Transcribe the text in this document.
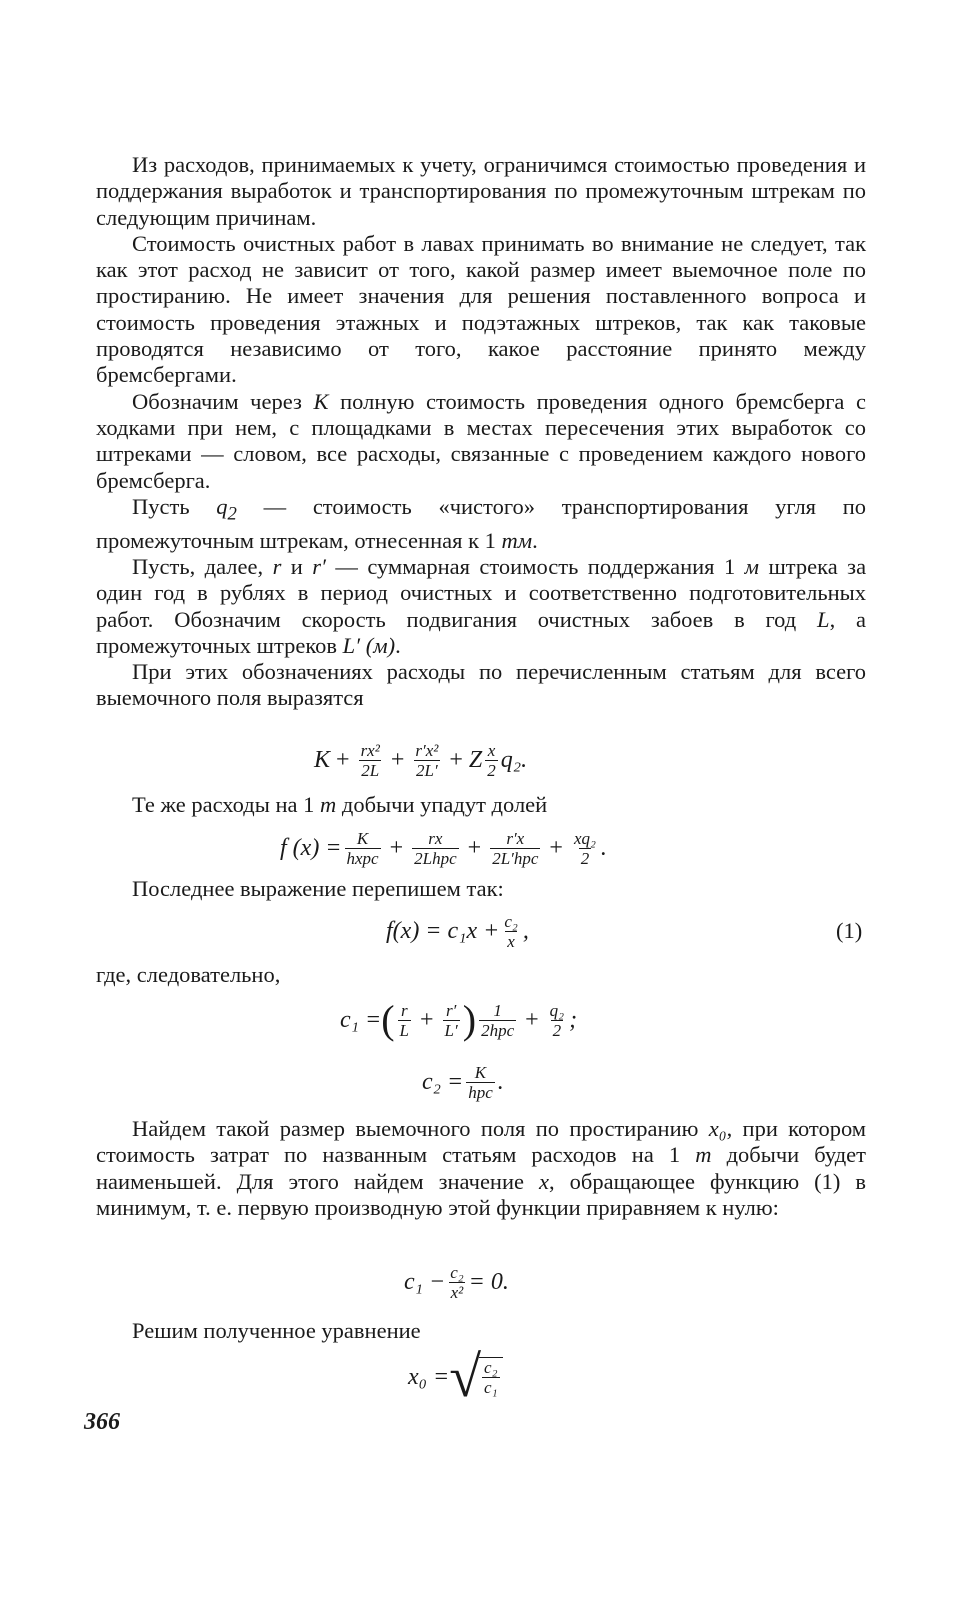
Из расходов, принимаемых к учету, ограничимся стоимостью проведения и поддержания выработок и транспортирования по промежуточным штрекам по следующим причинам.

Стоимость очистных работ в лавах принимать во внимание не следует, так как этот расход не зависит от того, какой размер имеет выемочное поле по простиранию. Не имеет значения для решения поставленного вопроса и стоимость проведения этажных и подэтажных штреков, так как таковые проводятся независимо от того, какое расстояние принято между бремсбергами.

Обозначим через K полную стоимость проведения одного бремсберга с ходками при нем, с площадками в местах пересечения этих выработок со штреками — словом, все расходы, связанные с проведением каждого нового бремсберга.

Пусть $q_2$ — стоимость «чистого» транспортирования угля по промежуточным штрекам, отнесенная к 1 тм.

Пусть, далее, r и r′ — суммарная стоимость поддержания 1 м штрека за один год в рублях в период очистных и соответственно подготовительных работ. Обозначим скорость подвигания очистных забоев в год L, а промежуточных штреков L′ (м).

При этих обозначениях расходы по перечисленным статьям для всего выемочного поля выразятся

$K + \frac{\text{rx²}}{2L} + \frac{\text{r′x²}}{2L'} + Z \frac{x}{2} q_2$.

Те же расходы на 1 т добычи упадут долей

f $(x) = \frac{K}{\text{hxpc}} + \frac{rx}{\text{2Lhpc}} + \frac{r'x}{\text{2L′hpc}} + \frac{\text{xq₂}}{2}$ .

Последнее выражение перепишем так:

$f(x) = c_1x + \frac{\text{c₂}}{x}$ ,	(1)

где, следовательно,

c₁ = ( $\frac{r}{L} + \frac{r'}{L'}$ ) $\frac{1}{\text{2hpc}} + \frac{\text{q₂}}{2}$ ;
$c_2 = \frac{K}{\text{hpc}}$ .

Найдем такой размер выемочного поля по простиранию x₀, при котором стоимость затрат по названным статьям расходов на 1 т добычи будет наименьшей. Для этого найдем значение x, обращающее функцию (1) в минимум, т. е. первую производную этой функции приравняем к нулю:

$c_1 - \frac{\text{c₂}}{\text{x²}} = 0$.

Решим полученное уравнение

x₀ = √ $\frac{\text{c₂}}{\text{c₁}}$
366
